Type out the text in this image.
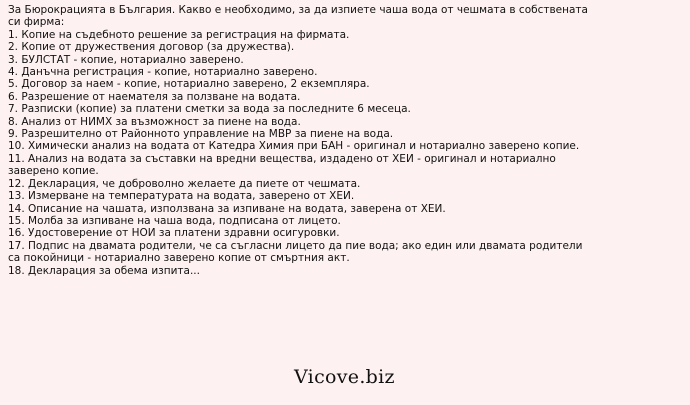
За Бюрокрацията в България. Какво е необходимо, за да изпиете чаша вода от чешмата в собствената си фирма:

1. Копие на съдебното решение за регистрация на фирмата.
2. Копие от дружествения договор (за дружества).
3. БУЛСТАТ - копие, нотариално заверено.
4. Данъчна регистрация - копие, нотариално заверено.
5. Договор за наем - копие, нотариално заверено, 2 екземпляра.
6. Разрешение от наемателя за ползване на водата.
7. Разписки (копие) за платени сметки за вода за последните 6 месеца.
8. Анализ от НИМХ за възможност за пиене на вода.
9. Разрешително от Районното управление на МВР за пиене на вода.
10. Химически анализ на водата от Катедра Химия при БАН - оригинал и нотариално заверено копие.
11. Анализ на водата за съставки на вредни вещества, издадено от ХЕИ - оригинал и нотариално заверено копие.
12. Декларация, че доброволно желаете да пиете от чешмата.
13. Измерване на температурата на водата, заверено от ХЕИ.
14. Описание на чашата, използвана за изпиване на водата, заверена от ХЕИ.
15. Молба за изпиване на чаша вода, подписана от лицето.
16. Удостоверение от НОИ за платени здравни осигуровки.
17. Подпис на двамата родители, че са съгласни лицето да пие вода; ако един или двамата родители са покойници - нотариално заверено копие от смъртния акт.
18. Декларация за обема изпита...
Vicove.biz
